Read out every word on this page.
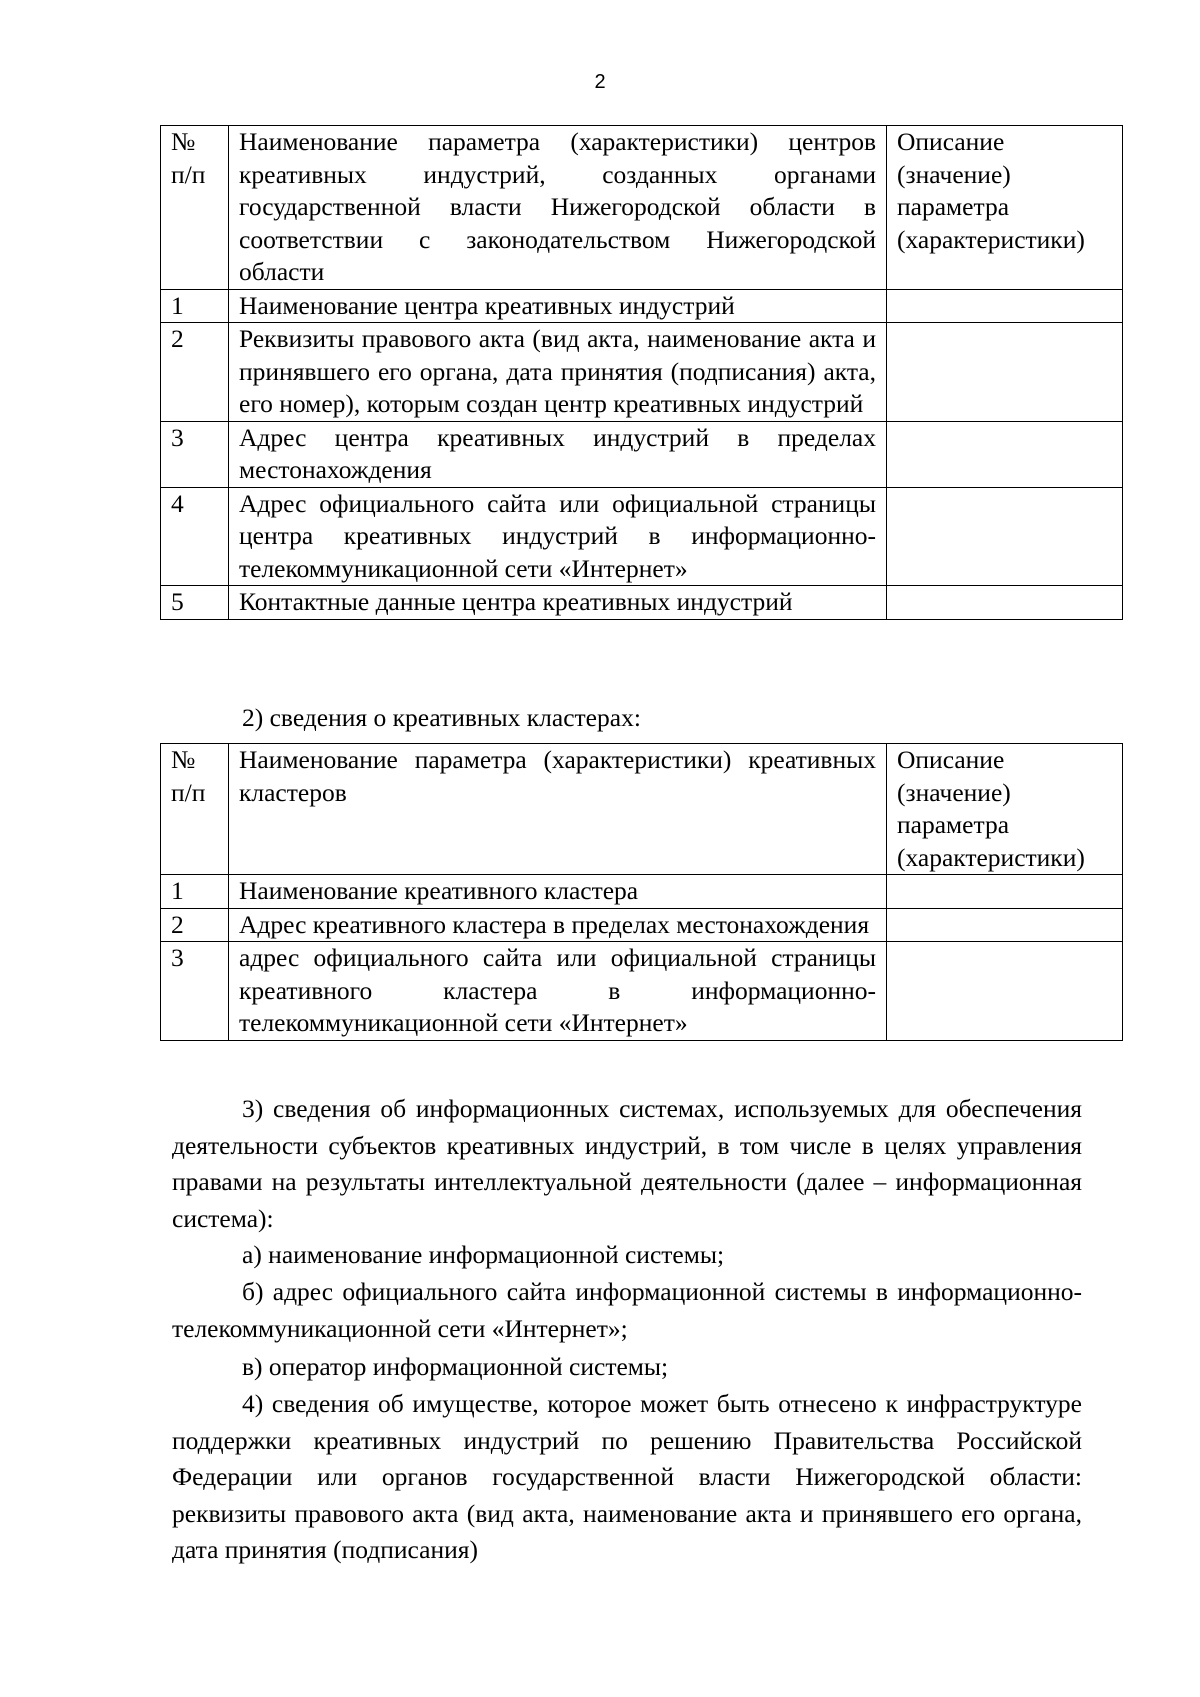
2
№ п/п	Наименование параметра (характеристики) центров креативных индустрий, созданных органами государственной власти Нижегородской области в соответствии с законодательством Нижегородской области	Описание (значение) параметра (характеристики)
1	Наименование центра креативных индустрий	
2	Реквизиты правового акта (вид акта, наименование акта и принявшего его органа, дата принятия (подписания) акта, его номер), которым создан центр креативных индустрий	
3	Адрес центра креативных индустрий в пределах местонахождения	
4	Адрес официального сайта или официальной страницы центра креативных индустрий в информационно-телекоммуникационной сети «Интернет»	
5	Контактные данные центра креативных индустрий	

2) сведения о креативных кластерах:

№ п/п	Наименование параметра (характеристики) креативных кластеров	Описание (значение) параметра (характеристики)
1	Наименование креативного кластера	
2	Адрес креативного кластера в пределах местонахождения	
3	адрес официального сайта или официальной страницы креативного кластера в информационно-телекоммуникационной сети «Интернет»	

3) сведения об информационных системах, используемых для обеспечения деятельности субъектов креативных индустрий, в том числе в целях управления правами на результаты интеллектуальной деятельности (далее – информационная система):

а) наименование информационной системы;

б) адрес официального сайта информационной системы в информационно-телекоммуникационной сети «Интернет»;

в) оператор информационной системы;

4) сведения об имуществе, которое может быть отнесено к инфраструктуре поддержки креативных индустрий по решению Правительства Российской Федерации или органов государственной власти Нижегородской области: реквизиты правового акта (вид акта, наименование акта и принявшего его органа, дата принятия (подписания)
